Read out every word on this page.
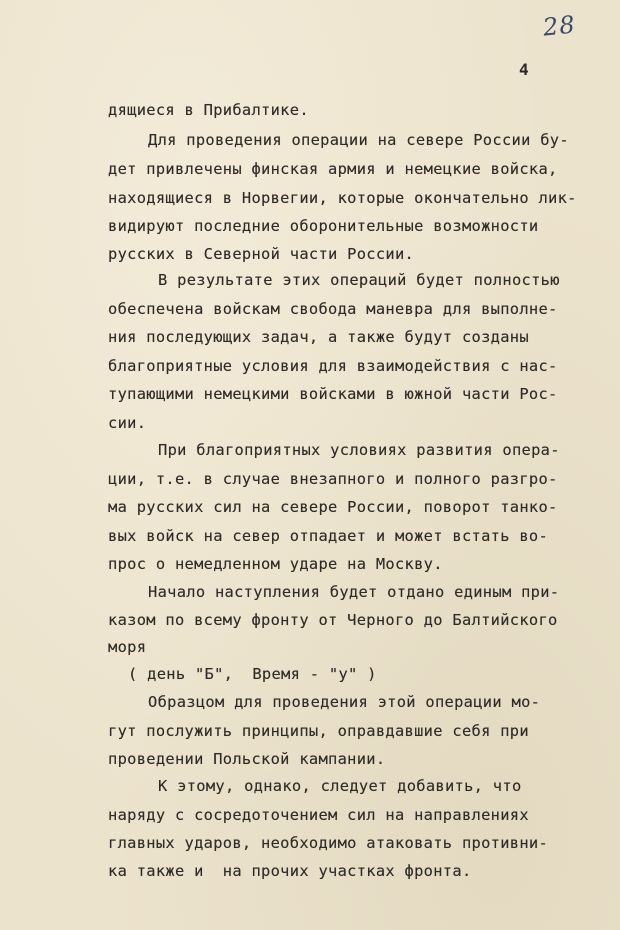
28
4
дящиеся в Прибалтике.
Для проведения операции на севере России бу-
дет привлечены финская армия и немецкие войска,
находящиеся в Норвегии, которые окончательно лик-
видируют последние оборонительные возможности
русских в Северной части России.
В результате этих операций будет полностью
обеспечена войскам свобода маневра для выполне-
ния последующих задач, а также будут созданы
благоприятные условия для взаимодействия с нас-
тупающими немецкими войсками в южной части Рос-
сии.
При благоприятных условиях развития опера-
ции, т.е. в случае внезапного и полного разгро-
ма русских сил на севере России, поворот танко-
вых войск на север отпадает и может встать во-
прос о немедленном ударе на Москву.
Начало наступления будет отдано единым при-
казом по всему фронту от Черного до Балтийского
моря
( день "Б",  Время - "у" )
Образцом для проведения этой операции мо-
гут послужить принципы, оправдавшие себя при
проведении Польской кампании.
К этому, однако, следует добавить, что
наряду с сосредоточением сил на направлениях
главных ударов, необходимо атаковать противни-
ка также и  на прочих участках фронта.
